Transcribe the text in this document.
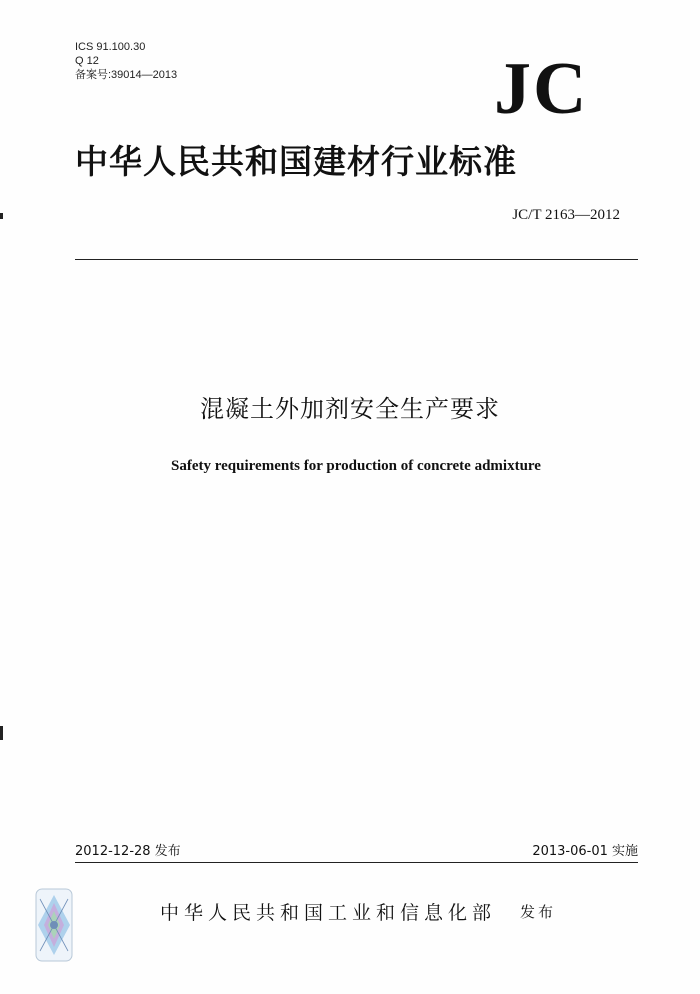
ICS 91.100.30
Q 12
备案号:39014—2013	JC
中华人民共和国建材行业标准
JC/T 2163—2012
混凝土外加剂安全生产要求
Safety requirements for production of concrete admixture
2012-12-28 发布	2013-06-01 实施
中华人民共和国工业和信息化部 发布
